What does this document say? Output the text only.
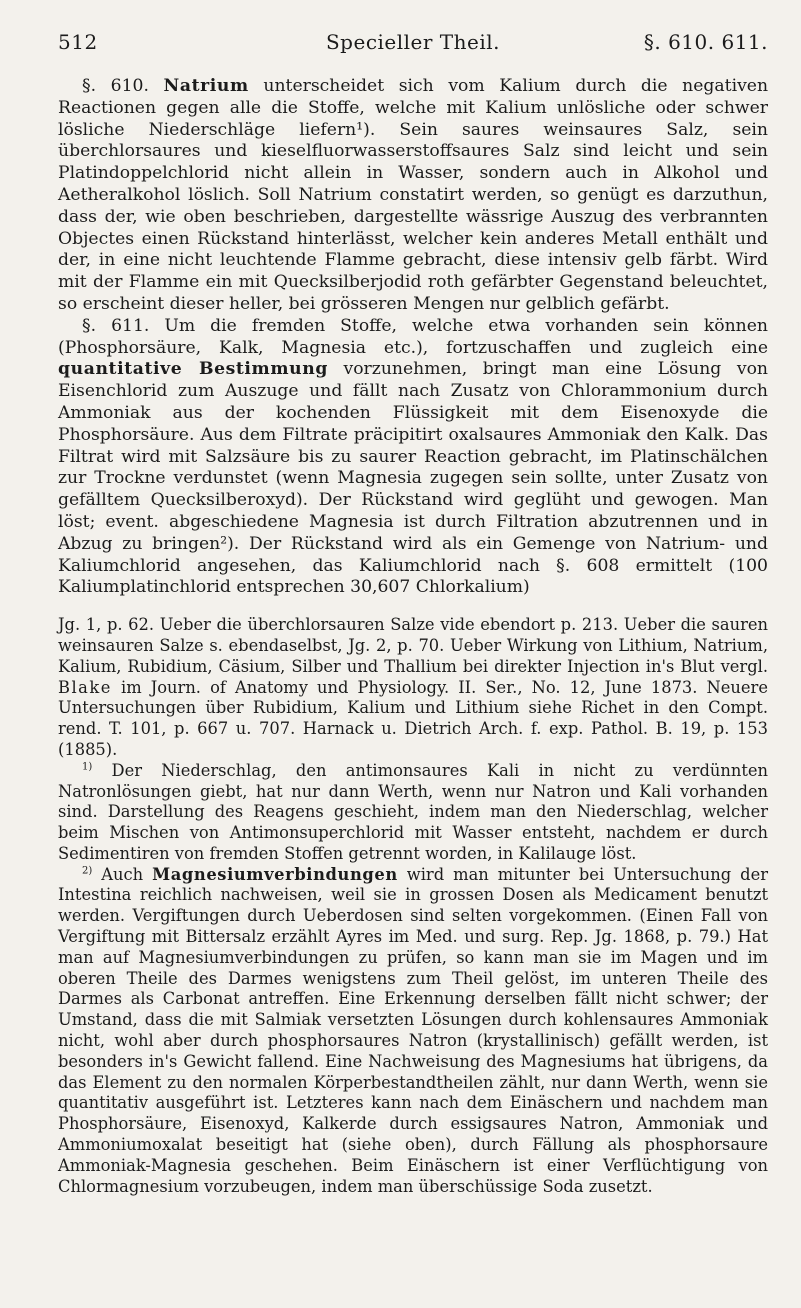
512	Specieller Theil.	§. 610. 611.

§. 610. Natrium unterscheidet sich vom Kalium durch die negativen Reactionen gegen alle die Stoffe, welche mit Kalium unlösliche oder schwer lösliche Niederschläge liefern¹). Sein saures weinsaures Salz, sein überchlorsaures und kieselfluorwasserstoffsaures Salz sind leicht und sein Platindoppelchlorid nicht allein in Wasser, sondern auch in Alkohol und Aetheralkohol löslich. Soll Natrium constatirt werden, so genügt es darzuthun, dass der, wie oben beschrieben, dargestellte wässrige Auszug des verbrannten Objectes einen Rückstand hinterlässt, welcher kein anderes Metall enthält und der, in eine nicht leuchtende Flamme gebracht, diese intensiv gelb färbt. Wird mit der Flamme ein mit Quecksilberjodid roth gefärbter Gegenstand beleuchtet, so erscheint dieser heller, bei grösseren Mengen nur gelblich gefärbt.

§. 611. Um die fremden Stoffe, welche etwa vorhanden sein können (Phosphorsäure, Kalk, Magnesia etc.), fortzuschaffen und zugleich eine quantitative Bestimmung vorzunehmen, bringt man eine Lösung von Eisenchlorid zum Auszuge und fällt nach Zusatz von Chlorammonium durch Ammoniak aus der kochenden Flüssigkeit mit dem Eisenoxyde die Phosphorsäure. Aus dem Filtrate präcipitirt oxalsaures Ammoniak den Kalk. Das Filtrat wird mit Salzsäure bis zu saurer Reaction gebracht, im Platinschälchen zur Trockne verdunstet (wenn Magnesia zugegen sein sollte, unter Zusatz von gefälltem Quecksilberoxyd). Der Rückstand wird geglüht und gewogen. Man löst; event. abgeschiedene Magnesia ist durch Filtration abzutrennen und in Abzug zu bringen²). Der Rückstand wird als ein Gemenge von Natrium- und Kaliumchlorid angesehen, das Kaliumchlorid nach §. 608 ermittelt (100 Kaliumplatinchlorid entsprechen 30,607 Chlorkalium)

Jg. 1, p. 62. Ueber die überchlorsauren Salze vide ebendort p. 213. Ueber die sauren weinsauren Salze s. ebendaselbst, Jg. 2, p. 70. Ueber Wirkung von Lithium, Natrium, Kalium, Rubidium, Cäsium, Silber und Thallium bei direkter Injection in's Blut vergl. Blake im Journ. of Anatomy und Physiology. II. Ser., No. 12, June 1873. Neuere Untersuchungen über Rubidium, Kalium und Lithium siehe Richet in den Compt. rend. T. 101, p. 667 u. 707. Harnack u. Dietrich Arch. f. exp. Pathol. B. 19, p. 153 (1885).

$^{1)}$ Der Niederschlag, den antimonsaures Kali in nicht zu verdünnten Natronlösungen giebt, hat nur dann Werth, wenn nur Natron und Kali vorhanden sind. Darstellung des Reagens geschieht, indem man den Niederschlag, welcher beim Mischen von Antimonsuperchlorid mit Wasser entsteht, nachdem er durch Sedimentiren von fremden Stoffen getrennt worden, in Kalilauge löst.

$^{2)}$ Auch Magnesiumverbindungen wird man mitunter bei Untersuchung der Intestina reichlich nachweisen, weil sie in grossen Dosen als Medicament benutzt werden. Vergiftungen durch Ueberdosen sind selten vorgekommen. (Einen Fall von Vergiftung mit Bittersalz erzählt Ayres im Med. und surg. Rep. Jg. 1868, p. 79.) Hat man auf Magnesiumverbindungen zu prüfen, so kann man sie im Magen und im oberen Theile des Darmes wenigstens zum Theil gelöst, im unteren Theile des Darmes als Carbonat antreffen. Eine Erkennung derselben fällt nicht schwer; der Umstand, dass die mit Salmiak versetzten Lösungen durch kohlensaures Ammoniak nicht, wohl aber durch phosphorsaures Natron (krystallinisch) gefällt werden, ist besonders in's Gewicht fallend. Eine Nachweisung des Magnesiums hat übrigens, da das Element zu den normalen Körperbestandtheilen zählt, nur dann Werth, wenn sie quantitativ ausgeführt ist. Letzteres kann nach dem Einäschern und nachdem man Phosphorsäure, Eisenoxyd, Kalkerde durch essigsaures Natron, Ammoniak und Ammoniumoxalat beseitigt hat (siehe oben), durch Fällung als phosphorsaure Ammoniak-Magnesia geschehen. Beim Einäschern ist einer Verflüchtigung von Chlormagnesium vorzubeugen, indem man überschüssige Soda zusetzt.
